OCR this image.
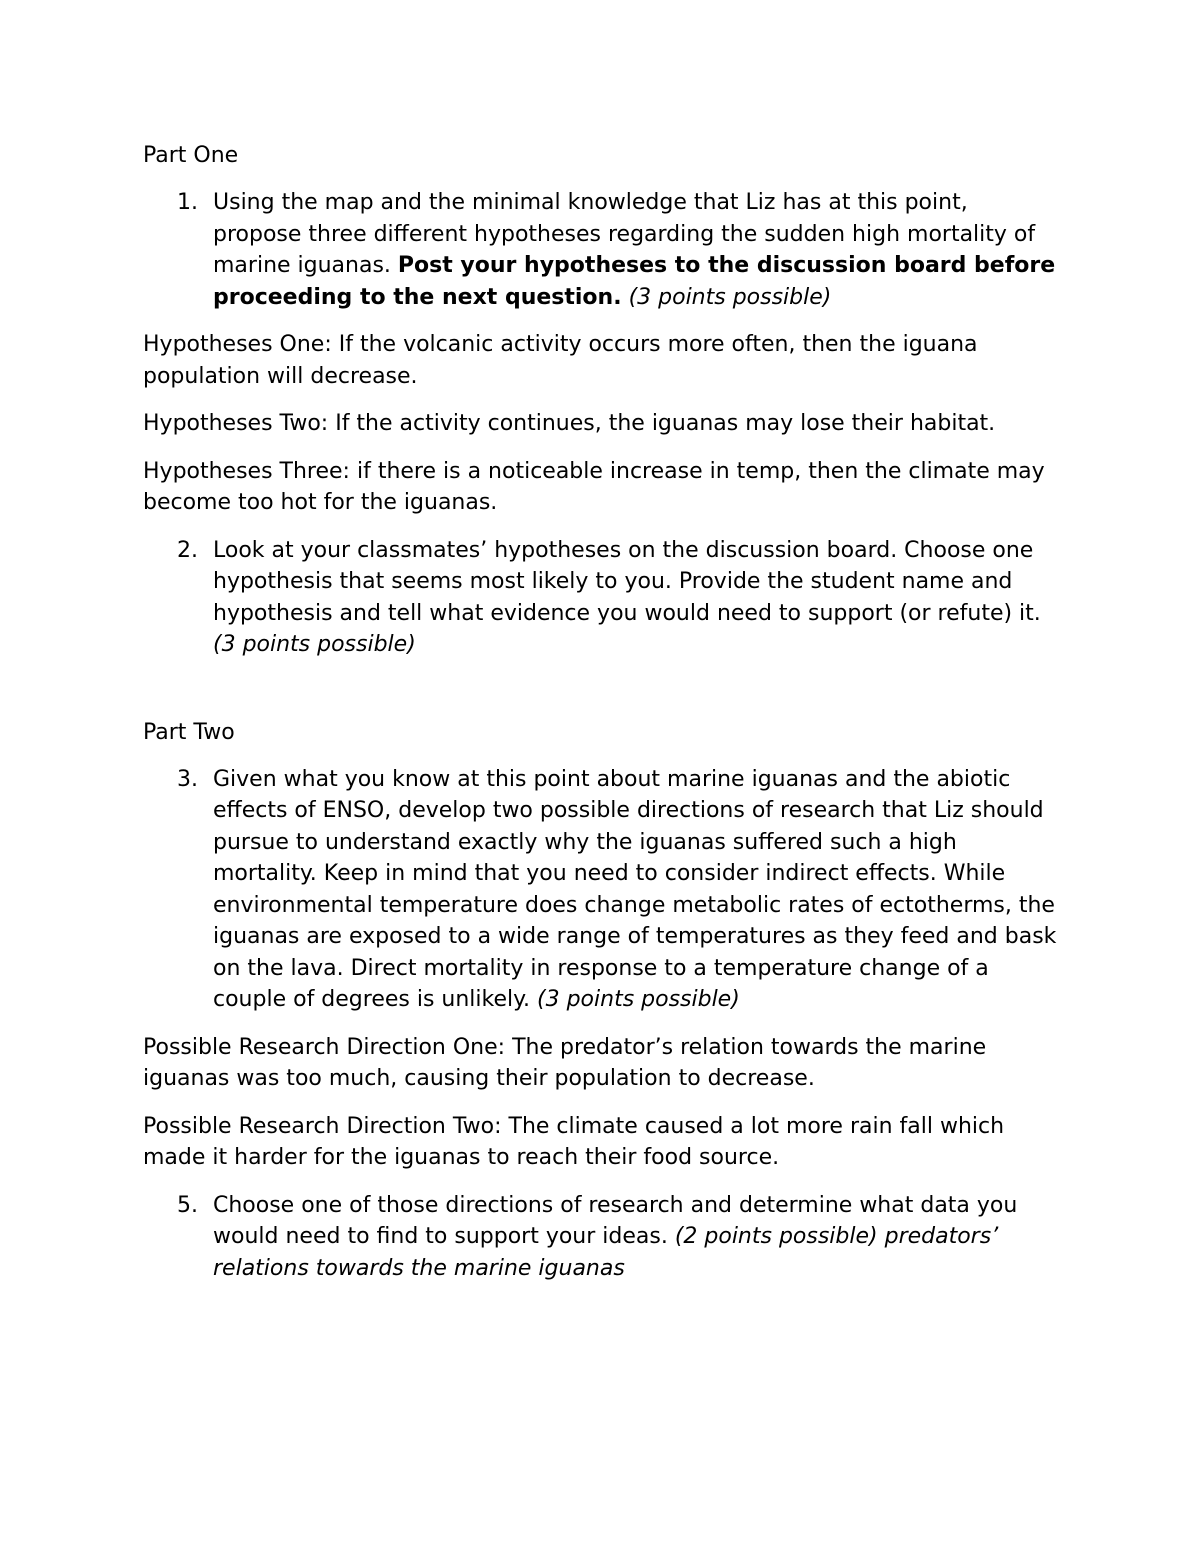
Part One

1. Using the map and the minimal knowledge that Liz has at this point, propose three different hypotheses regarding the sudden high mortality of marine iguanas. Post your hypotheses to the discussion board before proceeding to the next question. (3 points possible)

Hypotheses One: If the volcanic activity occurs more often, then the iguana population will decrease.

Hypotheses Two: If the activity continues, the iguanas may lose their habitat.

Hypotheses Three: if there is a noticeable increase in temp, then the climate may become too hot for the iguanas.

2. Look at your classmates’ hypotheses on the discussion board. Choose one hypothesis that seems most likely to you. Provide the student name and hypothesis and tell what evidence you would need to support (or refute) it.(3 points possible)

Part Two

3. Given what you know at this point about marine iguanas and the abiotic effects of ENSO, develop two possible directions of research that Liz should pursue to understand exactly why the iguanas suffered such a high mortality. Keep in mind that you need to consider indirect effects. While environmental temperature does change metabolic rates of ectotherms, the iguanas are exposed to a wide range of temperatures as they feed and bask on the lava. Direct mortality in response to a temperature change of a couple of degrees is unlikely. (3 points possible)

Possible Research Direction One: The predator’s relation towards the marine iguanas was too much, causing their population to decrease.

Possible Research Direction Two: The climate caused a lot more rain fall which made it harder for the iguanas to reach their food source.

5. Choose one of those directions of research and determine what data you would need to find to support your ideas. (2 points possible) predators’ relations towards the marine iguanas
